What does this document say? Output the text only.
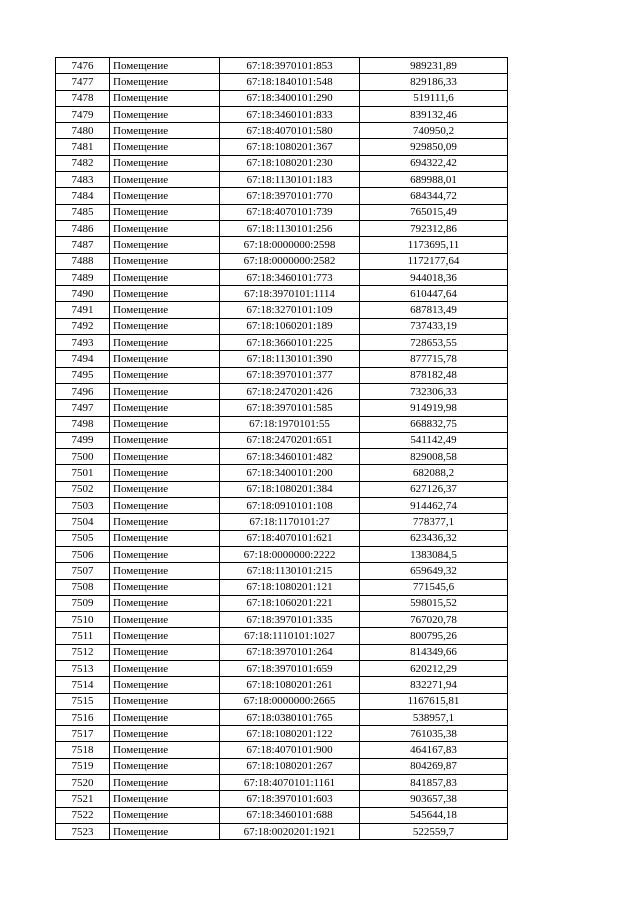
7476	Помещение	67:18:3970101:853	989231,89
7477	Помещение	67:18:1840101:548	829186,33
7478	Помещение	67:18:3400101:290	519111,6
7479	Помещение	67:18:3460101:833	839132,46
7480	Помещение	67:18:4070101:580	740950,2
7481	Помещение	67:18:1080201:367	929850,09
7482	Помещение	67:18:1080201:230	694322,42
7483	Помещение	67:18:1130101:183	689988,01
7484	Помещение	67:18:3970101:770	684344,72
7485	Помещение	67:18:4070101:739	765015,49
7486	Помещение	67:18:1130101:256	792312,86
7487	Помещение	67:18:0000000:2598	1173695,11
7488	Помещение	67:18:0000000:2582	1172177,64
7489	Помещение	67:18:3460101:773	944018,36
7490	Помещение	67:18:3970101:1114	610447,64
7491	Помещение	67:18:3270101:109	687813,49
7492	Помещение	67:18:1060201:189	737433,19
7493	Помещение	67:18:3660101:225	728653,55
7494	Помещение	67:18:1130101:390	877715,78
7495	Помещение	67:18:3970101:377	878182,48
7496	Помещение	67:18:2470201:426	732306,33
7497	Помещение	67:18:3970101:585	914919,98
7498	Помещение	67:18:1970101:55	668832,75
7499	Помещение	67:18:2470201:651	541142,49
7500	Помещение	67:18:3460101:482	829008,58
7501	Помещение	67:18:3400101:200	682088,2
7502	Помещение	67:18:1080201:384	627126,37
7503	Помещение	67:18:0910101:108	914462,74
7504	Помещение	67:18:1170101:27	778377,1
7505	Помещение	67:18:4070101:621	623436,32
7506	Помещение	67:18:0000000:2222	1383084,5
7507	Помещение	67:18:1130101:215	659649,32
7508	Помещение	67:18:1080201:121	771545,6
7509	Помещение	67:18:1060201:221	598015,52
7510	Помещение	67:18:3970101:335	767020,78
7511	Помещение	67:18:1110101:1027	800795,26
7512	Помещение	67:18:3970101:264	814349,66
7513	Помещение	67:18:3970101:659	620212,29
7514	Помещение	67:18:1080201:261	832271,94
7515	Помещение	67:18:0000000:2665	1167615,81
7516	Помещение	67:18:0380101:765	538957,1
7517	Помещение	67:18:1080201:122	761035,38
7518	Помещение	67:18:4070101:900	464167,83
7519	Помещение	67:18:1080201:267	804269,87
7520	Помещение	67:18:4070101:1161	841857,83
7521	Помещение	67:18:3970101:603	903657,38
7522	Помещение	67:18:3460101:688	545644,18
7523	Помещение	67:18:0020201:1921	522559,7
